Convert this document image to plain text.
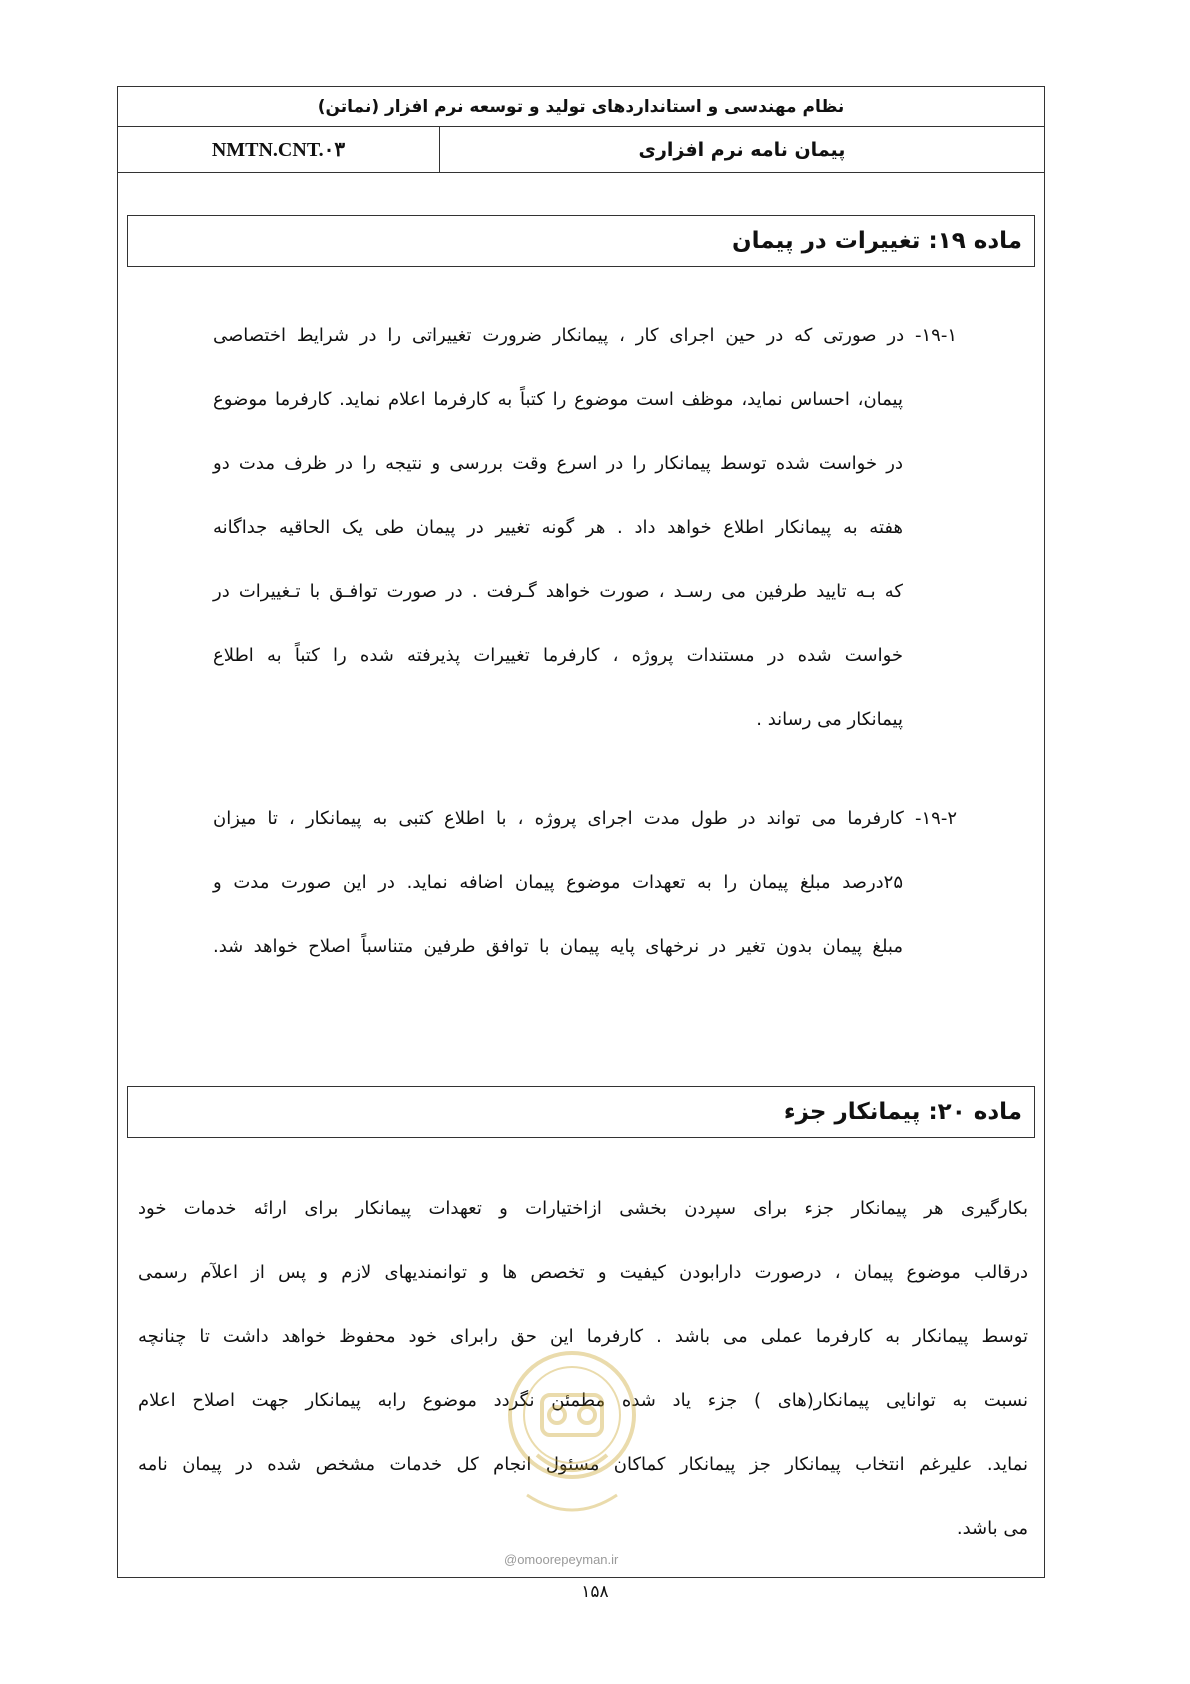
نظام مهندسی و استانداردهای تولید و توسعه نرم افزار (نماتن)
NMTN.CNT.۰۳	پیمان نامه نرم افزاری
ماده ۱۹: تغییرات در پیمان
۱۹-۱- در صورتی که در حین اجرای کار ، پیمانکار ضرورت تغییراتی را در شرایط اختصاصی
پیمان، احساس نماید، موظف است موضوع را کتباً به کارفرما اعلام نماید. کارفرما موضوع
در خواست شده توسط پیمانکار را در اسرع وقت بررسی و نتیجه را در ظرف مدت دو
هفته به پیمانکار اطلاع خواهد داد . هر گونه تغییر در پیمان طی یک الحاقیه جداگانه
که بـه تایید طرفین می رسـد ، صورت خواهد گـرفت . در صورت توافـق با تـغییرات در
خواست شده در مستندات پروژه ، کارفرما تغییرات پذیرفته شده را کتباً به اطلاع
پیمانکار می رساند .
۱۹-۲- کارفرما می تواند در طول مدت اجرای پروژه ، با اطلاع کتبی به پیمانکار ، تا میزان
۲۵درصد مبلغ پیمان را به تعهدات موضوع پیمان اضافه نماید. در این صورت مدت و
مبلغ پیمان بدون تغیر در نرخهای پایه پیمان با توافق طرفین متناسباً اصلاح خواهد شد.
ماده ۲۰: پیمانکار جزء
بکارگیری هر پیمانکار جزء برای سپردن بخشی ازاختیارات و تعهدات پیمانکار برای ارائه خدمات خود
درقالب موضوع پیمان ، درصورت دارابودن کیفیت و تخصص ها و توانمندیهای لازم و پس از اعلآم رسمی
توسط پیمانکار به کارفرما عملی می باشد . کارفرما این حق رابرای خود محفوظ خواهد داشت تا چنانچه
نسبت به توانایی پیمانکار(های ) جزء یاد شده مطمئن نگردد موضوع رابه پیمانکار جهت اصلاح اعلام
نماید. علیرغم انتخاب پیمانکار جز پیمانکار کماکان مسئول انجام کل خدمات مشخص شده در پیمان نامه
می باشد.
@omoorepeyman.ir
۱۵۸
